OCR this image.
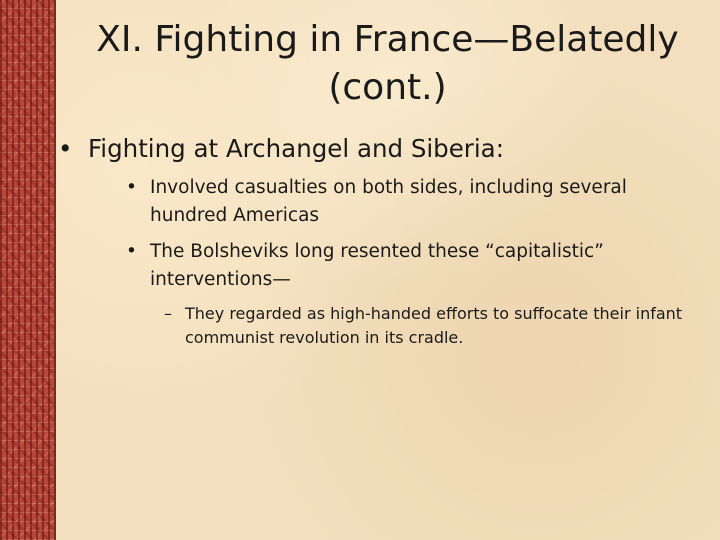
XI. Fighting in France—Belatedly
(cont.)
• Fighting at Archangel and Siberia:
• Involved casualties on both sides, including several hundred Americas
• The Bolsheviks long resented these “capitalistic” interventions—
– They regarded as high-handed efforts to suffocate their infant communist revolution in its cradle.
